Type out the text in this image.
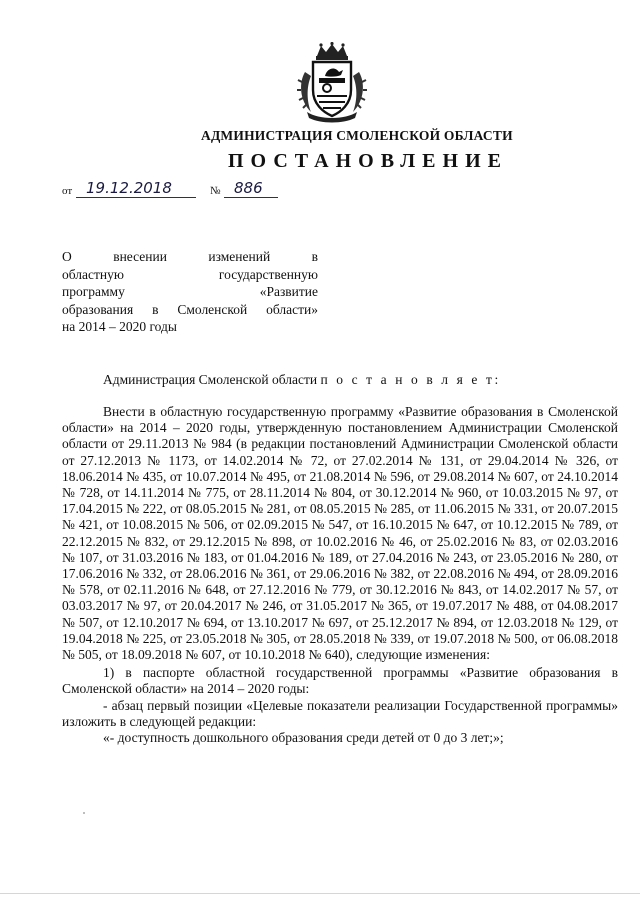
АДМИНИСТРАЦИЯ СМОЛЕНСКОЙ ОБЛАСТИ
ПОСТАНОВЛЕНИЕ
от 19.12.2018	№ 886
О внесении изменений в
областную государственную
программу «Развитие
образования в Смоленской области»
на 2014 – 2020 годы
Администрация Смоленской области п о с т а н о в л я е т:

Внести в областную государственную программу «Развитие образования в Смоленской области» на 2014 – 2020 годы, утвержденную постановлением Администрации Смоленской области от 29.11.2013 № 984 (в редакции постановлений Администрации Смоленской области от 27.12.2013 № 1173, от 14.02.2014 № 72, от 27.02.2014 № 131, от 29.04.2014 № 326, от 18.06.2014 № 435, от 10.07.2014 № 495, от 21.08.2014 № 596, от 29.08.2014 № 607, от 24.10.2014 № 728, от 14.11.2014 № 775, от 28.11.2014 № 804, от 30.12.2014 № 960, от 10.03.2015 № 97, от 17.04.2015 № 222, от 08.05.2015 № 281, от 08.05.2015 № 285, от 11.06.2015 № 331, от 20.07.2015 № 421, от 10.08.2015 № 506, от 02.09.2015 № 547, от 16.10.2015 № 647, от 10.12.2015 № 789, от 22.12.2015 № 832, от 29.12.2015 № 898, от 10.02.2016 № 46, от 25.02.2016 № 83, от 02.03.2016 № 107, от 31.03.2016 № 183, от 01.04.2016 № 189, от 27.04.2016 № 243, от 23.05.2016 № 280, от 17.06.2016 № 332, от 28.06.2016 № 361, от 29.06.2016 № 382, от 22.08.2016 № 494, от 28.09.2016 № 578, от 02.11.2016 № 648, от 27.12.2016 № 779, от 30.12.2016 № 843, от 14.02.2017 № 57, от 03.03.2017 № 97, от 20.04.2017 № 246, от 31.05.2017 № 365, от 19.07.2017 № 488, от 04.08.2017 № 507, от 12.10.2017 № 694, от 13.10.2017 № 697, от 25.12.2017 № 894, от 12.03.2018 № 129, от 19.04.2018 № 225, от 23.05.2018 № 305, от 28.05.2018 № 339, от 19.07.2018 № 500, от 06.08.2018 № 505, от 18.09.2018 № 607, от 10.10.2018 № 640), следующие изменения:

1) в паспорте областной государственной программы «Развитие образования в Смоленской области» на 2014 – 2020 годы:

- абзац первый позиции «Целевые показатели реализации Государственной программы» изложить в следующей редакции:

«- доступность дошкольного образования среди детей от 0 до 3 лет;»;
